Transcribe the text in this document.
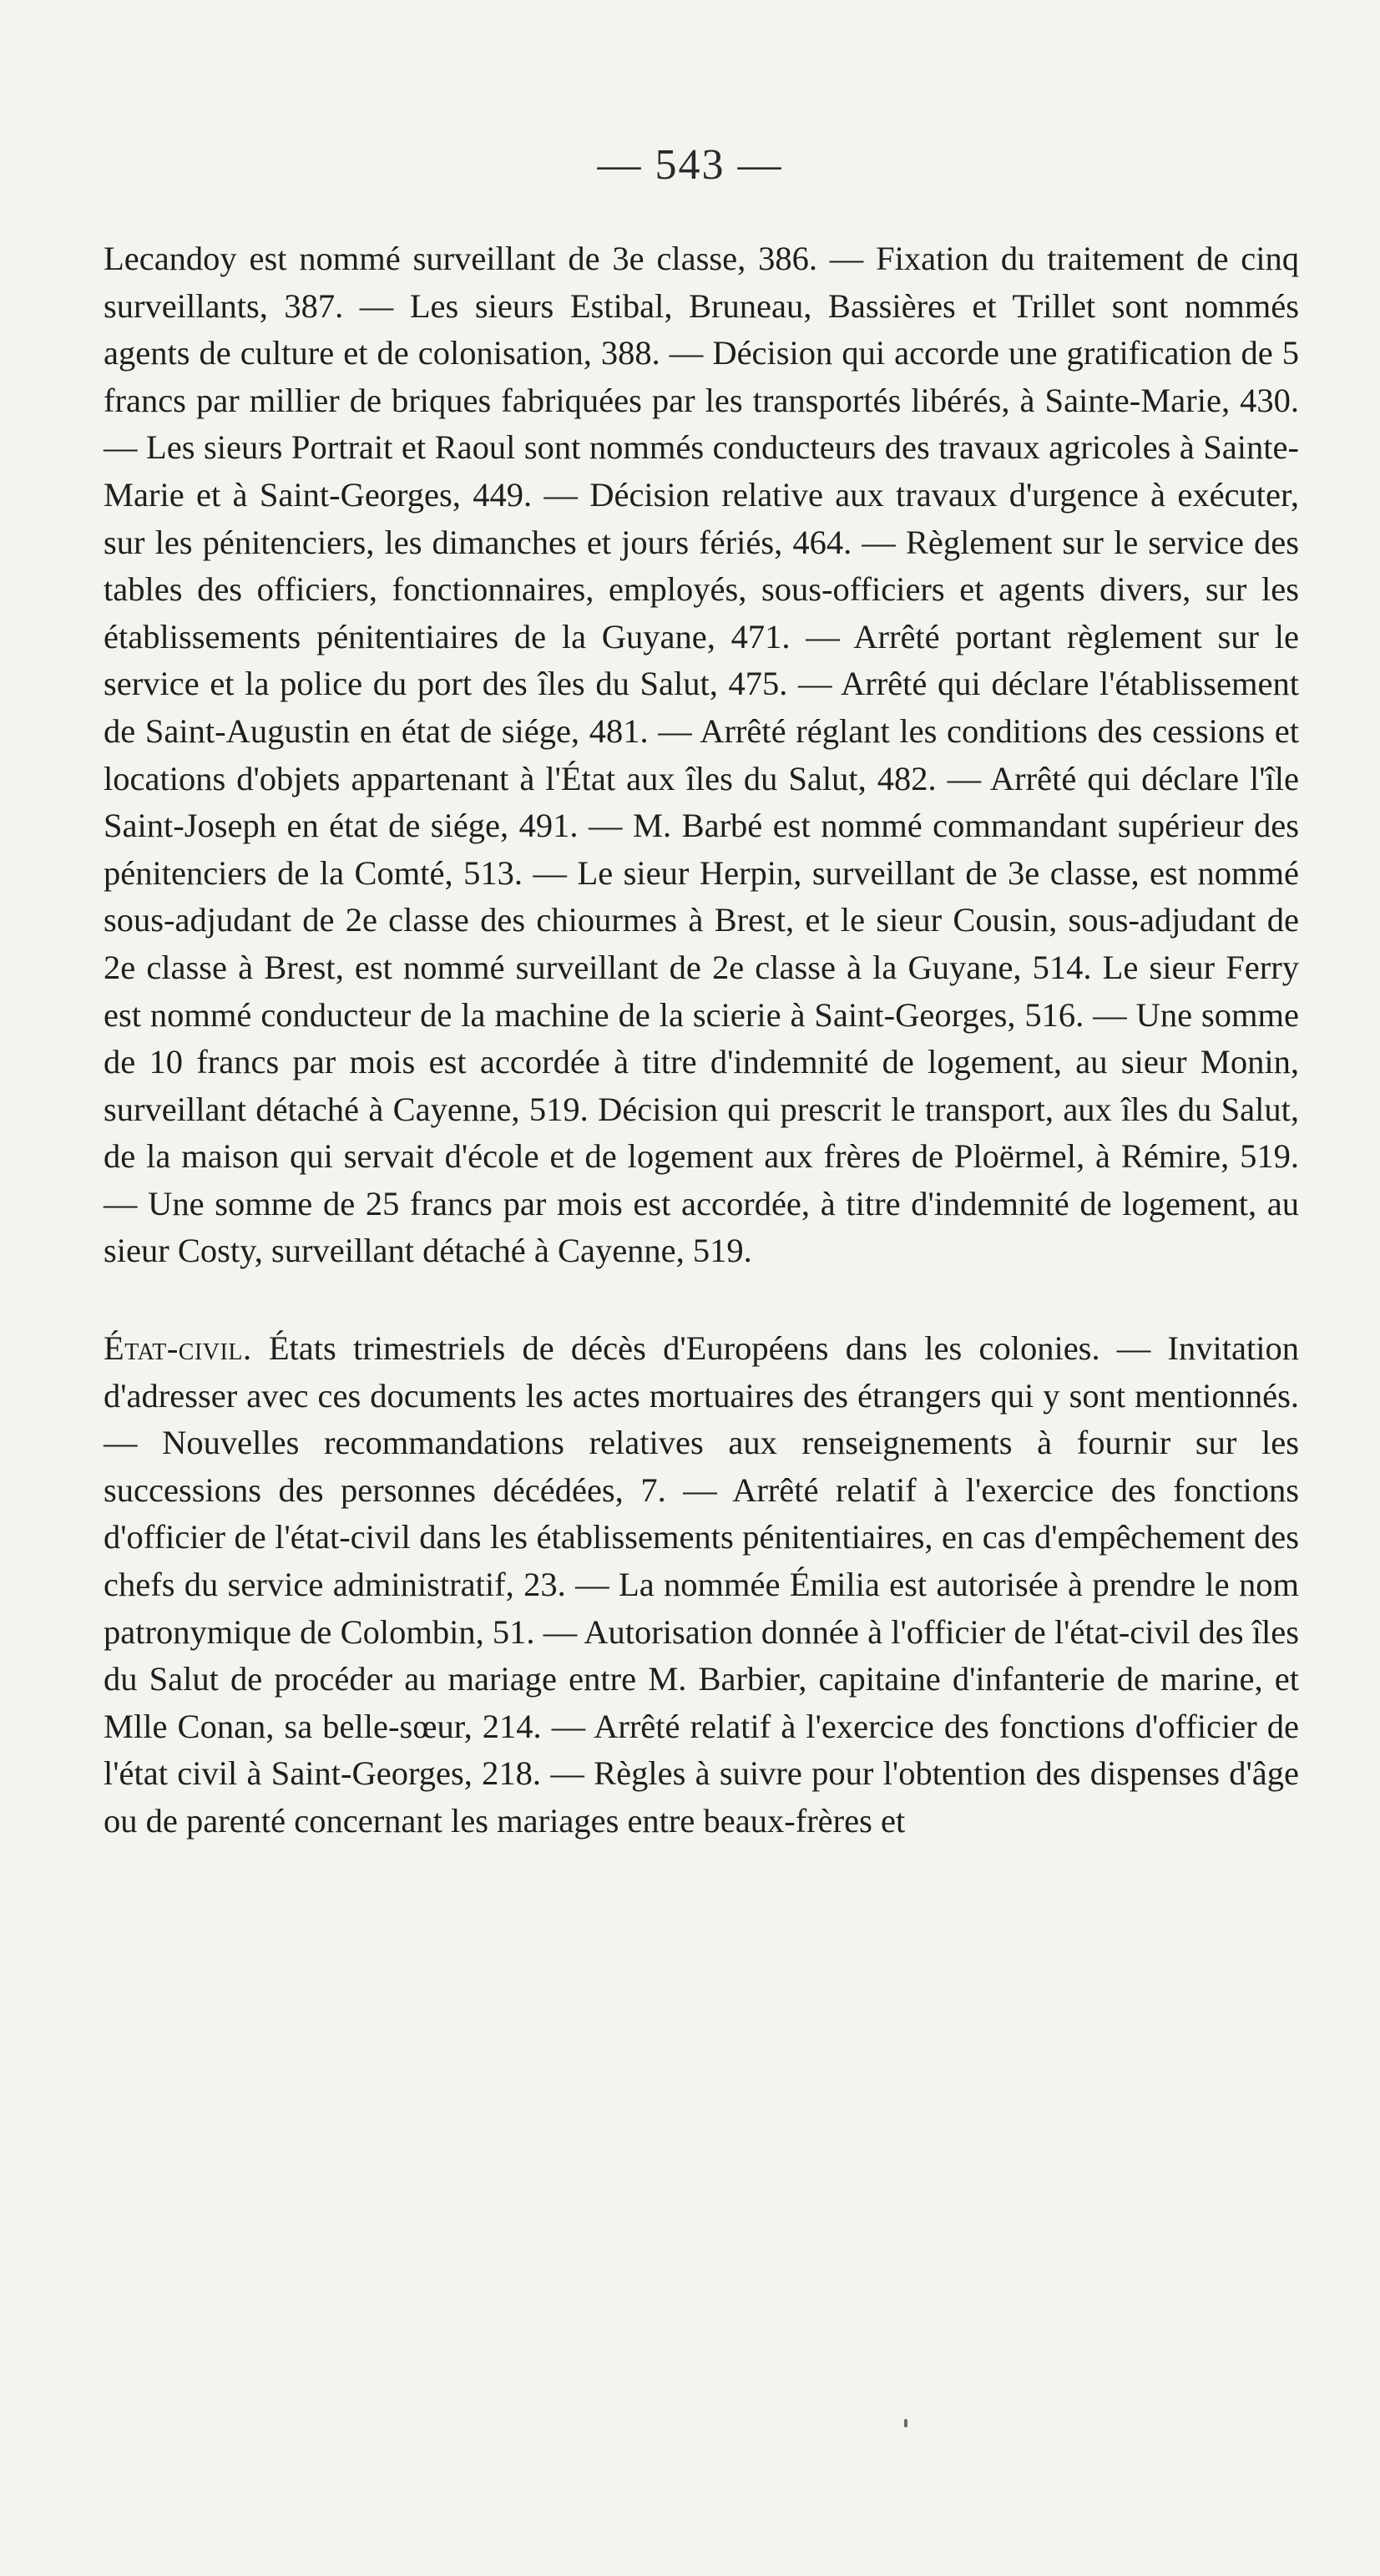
— 543 —

Lecandoy est nommé surveillant de 3e classe, 386. — Fixation du traitement de cinq surveillants, 387. — Les sieurs Estibal, Bruneau, Bassières et Trillet sont nommés agents de culture et de colonisation, 388. — Décision qui accorde une gratification de 5 francs par millier de briques fabriquées par les transportés libérés, à Sainte-Marie, 430. — Les sieurs Portrait et Raoul sont nommés conducteurs des travaux agricoles à Sainte-Marie et à Saint-Georges, 449. — Décision relative aux travaux d'urgence à exécuter, sur les pénitenciers, les dimanches et jours fériés, 464. — Règlement sur le service des tables des officiers, fonctionnaires, employés, sous-officiers et agents divers, sur les établissements pénitentiaires de la Guyane, 471. — Arrêté portant règlement sur le service et la police du port des îles du Salut, 475. — Arrêté qui déclare l'établissement de Saint-Augustin en état de siége, 481. — Arrêté réglant les conditions des cessions et locations d'objets appartenant à l'État aux îles du Salut, 482. — Arrêté qui déclare l'île Saint-Joseph en état de siége, 491. — M. Barbé est nommé commandant supérieur des pénitenciers de la Comté, 513. — Le sieur Herpin, surveillant de 3e classe, est nommé sous-adjudant de 2e classe des chiourmes à Brest, et le sieur Cousin, sous-adjudant de 2e classe à Brest, est nommé surveillant de 2e classe à la Guyane, 514. Le sieur Ferry est nommé conducteur de la machine de la scierie à Saint-Georges, 516. — Une somme de 10 francs par mois est accordée à titre d'indemnité de logement, au sieur Monin, surveillant détaché à Cayenne, 519. Décision qui prescrit le transport, aux îles du Salut, de la maison qui servait d'école et de logement aux frères de Ploërmel, à Rémire, 519. — Une somme de 25 francs par mois est accordée, à titre d'indemnité de logement, au sieur Costy, surveillant détaché à Cayenne, 519.

État-civil. États trimestriels de décès d'Européens dans les colonies. — Invitation d'adresser avec ces documents les actes mortuaires des étrangers qui y sont mentionnés. — Nouvelles recommandations relatives aux renseignements à fournir sur les successions des personnes décédées, 7. — Arrêté relatif à l'exercice des fonctions d'officier de l'état-civil dans les établissements pénitentiaires, en cas d'empêchement des chefs du service administratif, 23. — La nommée Émilia est autorisée à prendre le nom patronymique de Colombin, 51. — Autorisation donnée à l'officier de l'état-civil des îles du Salut de procéder au mariage entre M. Barbier, capitaine d'infanterie de marine, et Mlle Conan, sa belle-sœur, 214. — Arrêté relatif à l'exercice des fonctions d'officier de l'état civil à Saint-Georges, 218. — Règles à suivre pour l'obtention des dispenses d'âge ou de parenté concernant les mariages entre beaux-frères et
